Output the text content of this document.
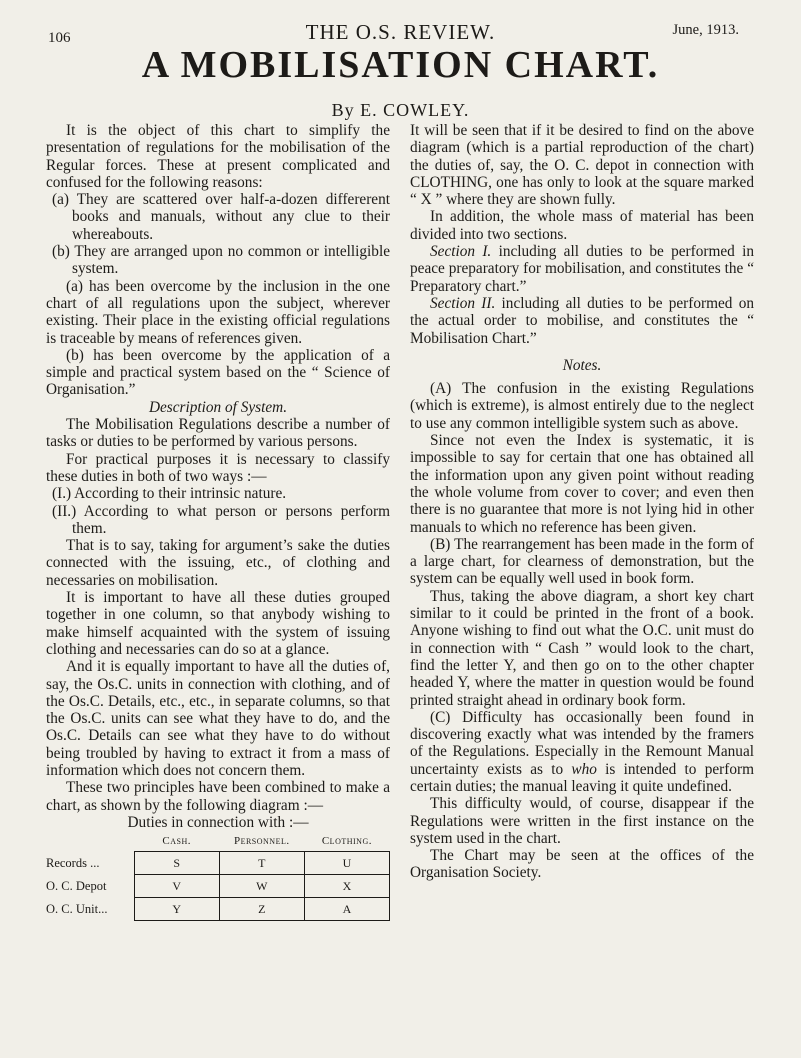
106	THE O.S. REVIEW.	June, 1913.
A MOBILISATION CHART.
By E. COWLEY.

It is the object of this chart to simplify the presentation of regulations for the mobilisation of the Regular forces. These at present complicated and confused for the following reasons:

(a) They are scattered over half-a-dozen differerent books and manuals, without any clue to their whereabouts.

(b) They are arranged upon no common or intelligible system.

(a) has been overcome by the inclusion in the one chart of all regulations upon the subject, wherever existing. Their place in the existing official regulations is traceable by means of references given.

(b) has been overcome by the application of a simple and practical system based on the “ Science of Organisation.”

Description of System.

The Mobilisation Regulations describe a number of tasks or duties to be performed by various persons.

For practical purposes it is necessary to classify these duties in both of two ways :—

(I.) According to their intrinsic nature.

(II.) According to what person or persons perform them.

That is to say, taking for argument’s sake the duties connected with the issuing, etc., of clothing and necessaries on mobilisation.

It is important to have all these duties grouped together in one column, so that anybody wishing to make himself acquainted with the system of issuing clothing and necessaries can do so at a glance.

And it is equally important to have all the duties of, say, the Os.C. units in connection with clothing, and of the Os.C. Details, etc., etc., in separate columns, so that the Os.C. units can see what they have to do, and the Os.C. Details can see what they have to do without being troubled by having to extract it from a mass of information which does not concern them.

These two principles have been combined to make a chart, as shown by the following diagram :—

Duties in connection with :—

	Cash.	Personnel.	Clothing.
Records ...	S	T	U
O. C. Depot	V	W	X
O. C. Unit...	Y	Z	A

It will be seen that if it be desired to find on the above diagram (which is a partial reproduction of the chart) the duties of, say, the O. C. depot in connection with CLOTHING, one has only to look at the square marked “ X ” where they are shown fully.

In addition, the whole mass of material has been divided into two sections.

Section I. including all duties to be performed in peace preparatory for mobilisation, and constitutes the “ Preparatory chart.”

Section II. including all duties to be performed on the actual order to mobilise, and constitutes the “ Mobilisation Chart.”

Notes.

(A) The confusion in the existing Regulations (which is extreme), is almost entirely due to the neglect to use any common intelligible system such as above.

Since not even the Index is systematic, it is impossible to say for certain that one has obtained all the information upon any given point without reading the whole volume from cover to cover; and even then there is no guarantee that more is not lying hid in other manuals to which no reference has been given.

(B) The rearrangement has been made in the form of a large chart, for clearness of demonstration, but the system can be equally well used in book form.

Thus, taking the above diagram, a short key chart similar to it could be printed in the front of a book. Anyone wishing to find out what the O.C. unit must do in connection with “ Cash ” would look to the chart, find the letter Y, and then go on to the other chapter headed Y, where the matter in question would be found printed straight ahead in ordinary book form.

(C) Difficulty has occasionally been found in discovering exactly what was intended by the framers of the Regulations. Especially in the Remount Manual uncertainty exists as to who is intended to perform certain duties; the manual leaving it quite undefined.

This difficulty would, of course, disappear if the Regulations were written in the first instance on the system used in the chart.

The Chart may be seen at the offices of the Organisation Society.
